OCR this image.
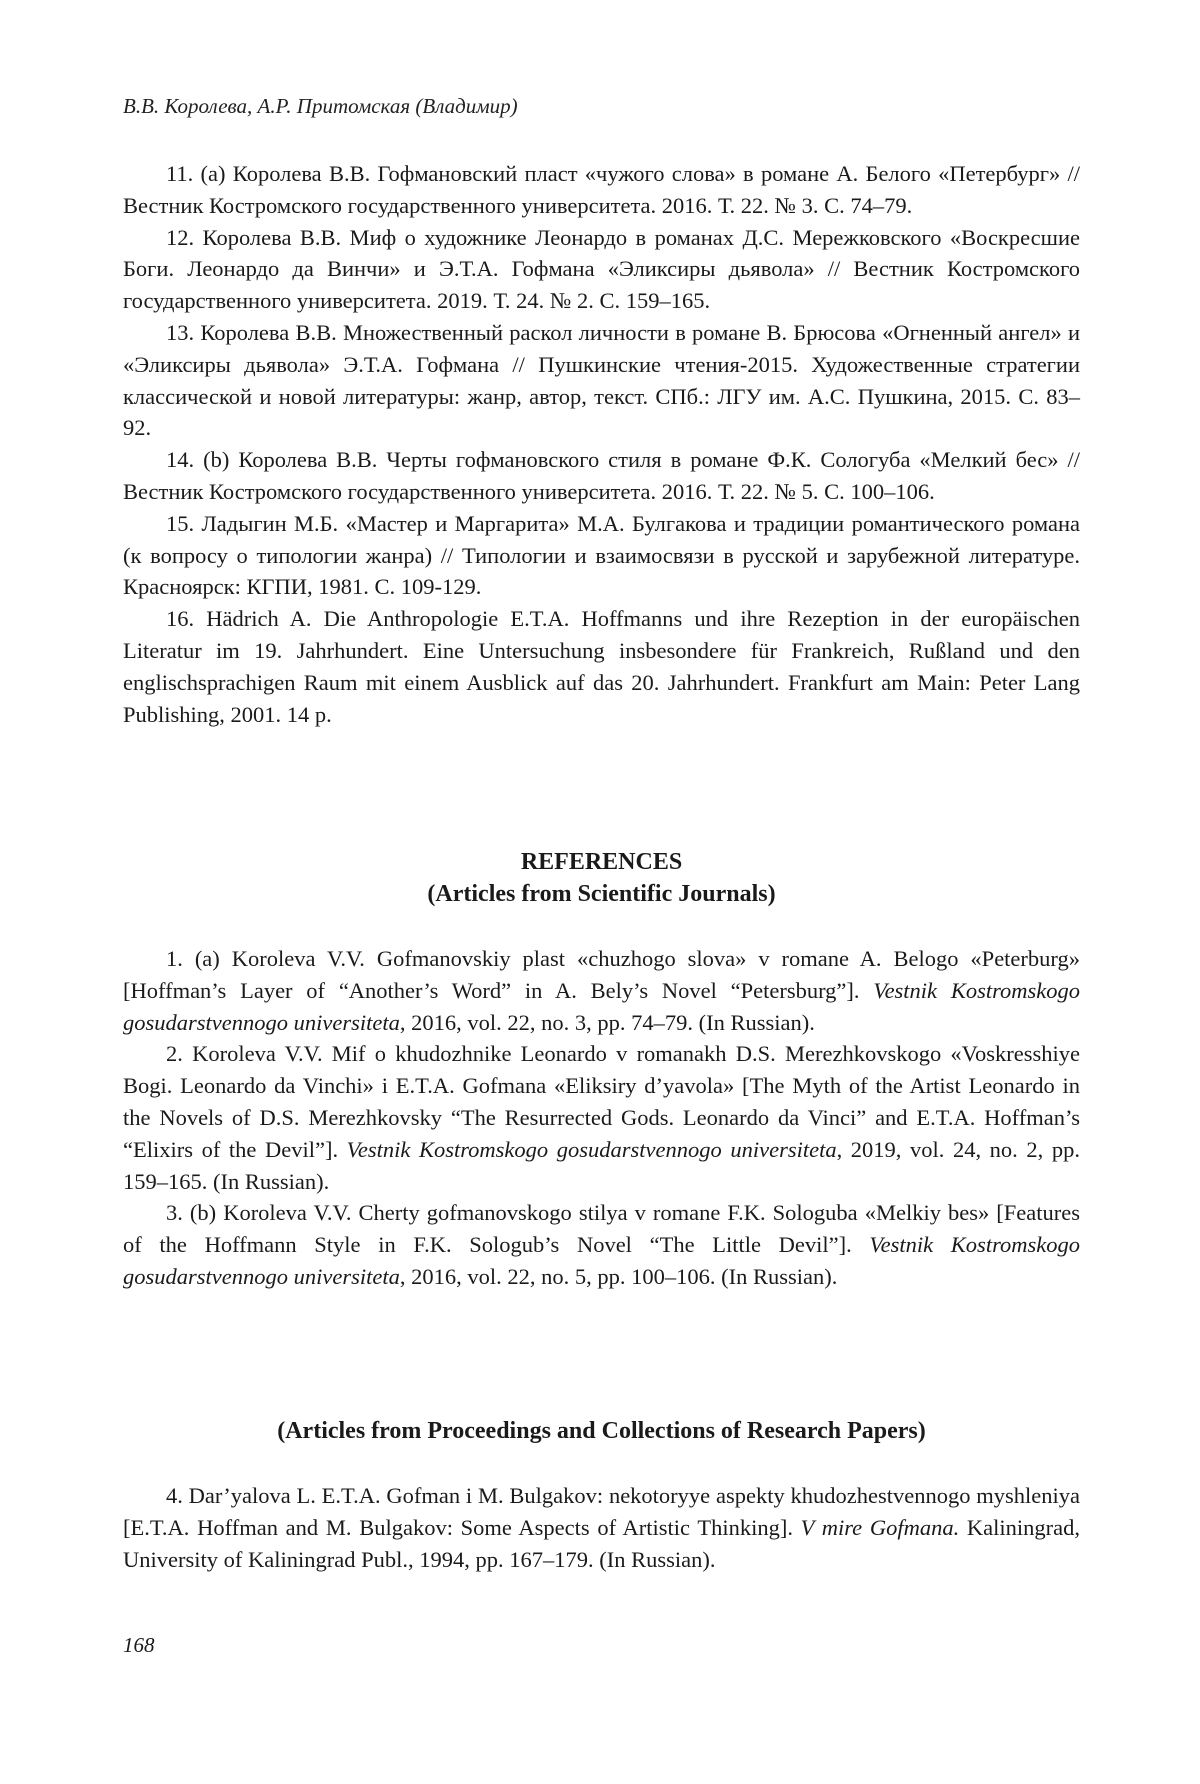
В.В. Королева, А.Р. Притомская (Владимир)

11. (a) Королева В.В. Гофмановский пласт «чужого слова» в романе А. Белого «Петербург» // Вестник Костромского государственного университета. 2016. Т. 22. № 3. С. 74–79.

12. Королева В.В. Миф о художнике Леонардо в романах Д.С. Мережковского «Воскресшие Боги. Леонардо да Винчи» и Э.Т.А. Гофмана «Эликсиры дьявола» // Вестник Костромского государственного университета. 2019. Т. 24. № 2. С. 159–165.

13. Королева В.В. Множественный раскол личности в романе В. Брюсова «Огненный ангел» и «Эликсиры дьявола» Э.Т.А. Гофмана // Пушкинские чтения-2015. Художественные стратегии классической и новой литературы: жанр, автор, текст. СПб.: ЛГУ им. А.С. Пушкина, 2015. С. 83–92.

14. (b) Королева В.В. Черты гофмановского стиля в романе Ф.К. Сологуба «Мелкий бес» // Вестник Костромского государственного университета. 2016. Т. 22. № 5. С. 100–106.

15. Ладыгин М.Б. «Мастер и Маргарита» М.А. Булгакова и традиции романтического романа (к вопросу о типологии жанра) // Типологии и взаимосвязи в русской и зарубежной литературе. Красноярск: КГПИ, 1981. С. 109-129.

16. Hädrich A. Die Anthropologie E.T.A. Hoffmanns und ihre Rezeption in der europäischen Literatur im 19. Jahrhundert. Eine Untersuchung insbesondere für Frankreich, Rußland und den englischsprachigen Raum mit einem Ausblick auf das 20. Jahrhundert. Frankfurt am Main: Peter Lang Publishing, 2001. 14 p.

REFERENCES
(Articles from Scientific Journals)

1. (a) Koroleva V.V. Gofmanovskiy plast «chuzhogo slova» v romane A. Belogo «Peterburg» [Hoffman’s Layer of “Another’s Word” in A. Bely’s Novel “Petersburg”]. Vestnik Kostromskogo gosudarstvennogo universiteta, 2016, vol. 22, no. 3, pp. 74–79. (In Russian).

2. Koroleva V.V. Mif o khudozhnike Leonardo v romanakh D.S. Merezhkovskogo «Voskresshiye Bogi. Leonardo da Vinchi» i E.T.A. Gofmana «Eliksiry d’yavola» [The Myth of the Artist Leonardo in the Novels of D.S. Merezhkovsky “The Resurrected Gods. Leonardo da Vinci” and E.T.A. Hoffman’s “Elixirs of the Devil”]. Vestnik Kostromskogo gosudarstvennogo universiteta, 2019, vol. 24, no. 2, pp. 159–165. (In Russian).

3. (b) Koroleva V.V. Cherty gofmanovskogo stilya v romane F.K. Sologuba «Melkiy bes» [Features of the Hoffmann Style in F.K. Sologub’s Novel “The Little Devil”]. Vestnik Kostromskogo gosudarstvennogo universiteta, 2016, vol. 22, no. 5, pp. 100–106. (In Russian).

(Articles from Proceedings and Collections of Research Papers)

4. Dar’yalova L. E.T.A. Gofman i M. Bulgakov: nekotoryye aspekty khudozhestvennogo myshleniya [E.T.A. Hoffman and M. Bulgakov: Some Aspects of Artistic Thinking]. V mire Gofmana. Kaliningrad, University of Kaliningrad Publ., 1994, pp. 167–179. (In Russian).

168
